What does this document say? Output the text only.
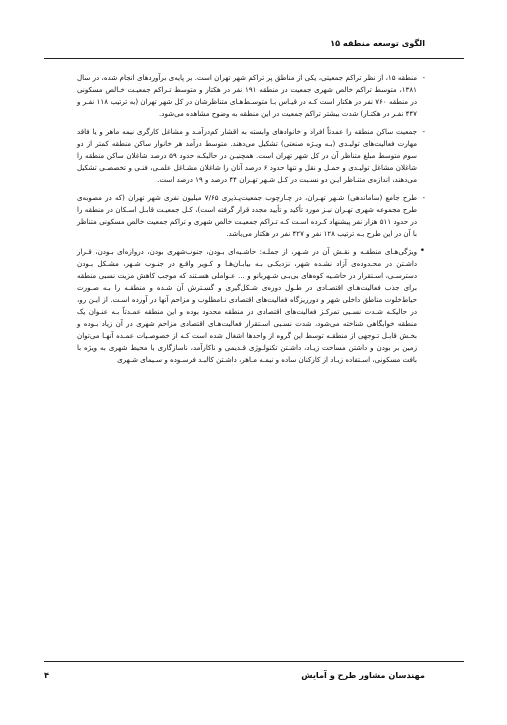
الگوی توسعه منطقه ۱۵
-
منطقه ۱۵، از نظر تراکم جمعیتی، یکی از مناطق پر تراکم شهر تهران است. بر پایه‌ی برآوردهای انجام شده، در سال ۱۳۸۱، متوسط تراکم خالص شهری جمعیت در منطقه ۱۹۱ نفر در هکتار و متوسط تـراکم جمعیـت خـالص مسکونی در منطقه ۷۶۰ نفر در هکتار است کـه در قیـاس بـا متوسـط‌هـای متناظرشان در کل شهر تهران (به ترتیب ۱۱۸ نفـر و ۴۴۷ نفـر در هکتـار) شدت بیشتر تراکم جمعیت در این منطقه به وضوح مشاهده می‌شود.
-
جمعیت ساکن منطقه را عمدتاً افراد و خانوادهای وابسته به اقشار کم‌درآمـد و مشاغل کارگری نیمه ماهر و یا فاقد مهارت فعالیت‌های تولیـدی (بـه ویـژه صنعتی) تشکیل می‌دهند. متوسط درآمد هر خانوار ساکن منطقه کمتر از دو سوم متوسط مبلغ متناظر آن در کل شهر تهران است. همچنیـن در حالیکـه حدود ۵۹ درصد شاغلان ساکن منطقه را شاغلان مشاغل تولیـدی و حمـل و نقل و تنها حدود ۶ درصد آنان را شاغلان مشـاغل علمـی، فنـی و تخصصـی تشکیل می‌دهند، اندازه‌ی متنـاظر ایـن دو نسـبت در کـل شـهر تهـران ۴۴ درصد و ۱۹ درصد است.
-
طرح جامع (ساماندهی) شـهر تهـران، در چـارچوب جمعیت‌پـذیری ۷/۶۵ میلیون نفری شهر تهران (که در مصوبه‌ی طرح مجموعه شهری تهـران نیـز مورد تأکید و تأیید مجدد قرار گرفته است)، کـل جمعیـت قابـل اسـکان در منطقه را در حدود ۵۱۱ هزار نفر پیشنهاد کـرده اسـت کـه تـراکم جمعیـت خالص شهری و تراکم جمعیت خالص مسکونی متناظر با آن در این طرح بـه ترتیب ۱۲۸ نفر و ۴۲۷ نفر در هکتار می‌باشد.
•
ویژگی‌هـای منطقـه و نقـش آن در شـهر، از جملـه: حاشـیه‌ای بـودن، جنوب‌شهری بودن، دروازه‌ای بـودن، قـرار داشـتن در محـدوده‌ی آزاد نشـده شهر، نزدیکـی بـه بیابـان‌هـا و کـویر واقـع در جنـوب شـهر، مشـکل بـودن دسترسـی، اسـتقرار در حاشـیه کوه‌های بی‌بـی شـهربانو و ... عـواملی هسـتند که موجب کاهش مزیت نسبی منطقه برای جذب فعالیت‌هـای اقتصـادی در طـول دوره‌ی شـکل‌گیری و گسـترش آن شـده و منطقـه را بـه صـورت حیاط‌خلوت مناطق داخلی شهر و دورریزگاه فعالیت‌های اقتصادی نـامطلوب و مزاحم آنها در آورده اسـت. از ایـن رو، در حالیکـه شـدت نسـبی تمرکـز فعالیت‌های اقتصادی در منطقه محدود بوده و این منطقه عمـدتاً بـه عنـوان یک منطقه خوابگاهی شناخته می‌شود، شدت نسـبی اسـتقرار فعالیت‌هـای اقتصادی مزاحم شهری در آن زیاد بـوده و بخـش قابـل تـوجهی از منطقـه توسط این گروه از واحدها اشغال شده است کـه از خصوصـیات عمـده آنهـا می‌توان زمین بر بودن و داشتن مساحت زیـاد، داشـتن تکنولـوژی قـدیمی و ناکارآمد، ناسازگاری با محیط شهری به ویژه با بافت مسکونی، اسـتفاده زیـاد از کارکنان ساده و نیمـه مـاهر، داشـتن کالبـد فرسـوده و سـیمای شـهری
مهندسان مشاور طرح و آمایش
۴
